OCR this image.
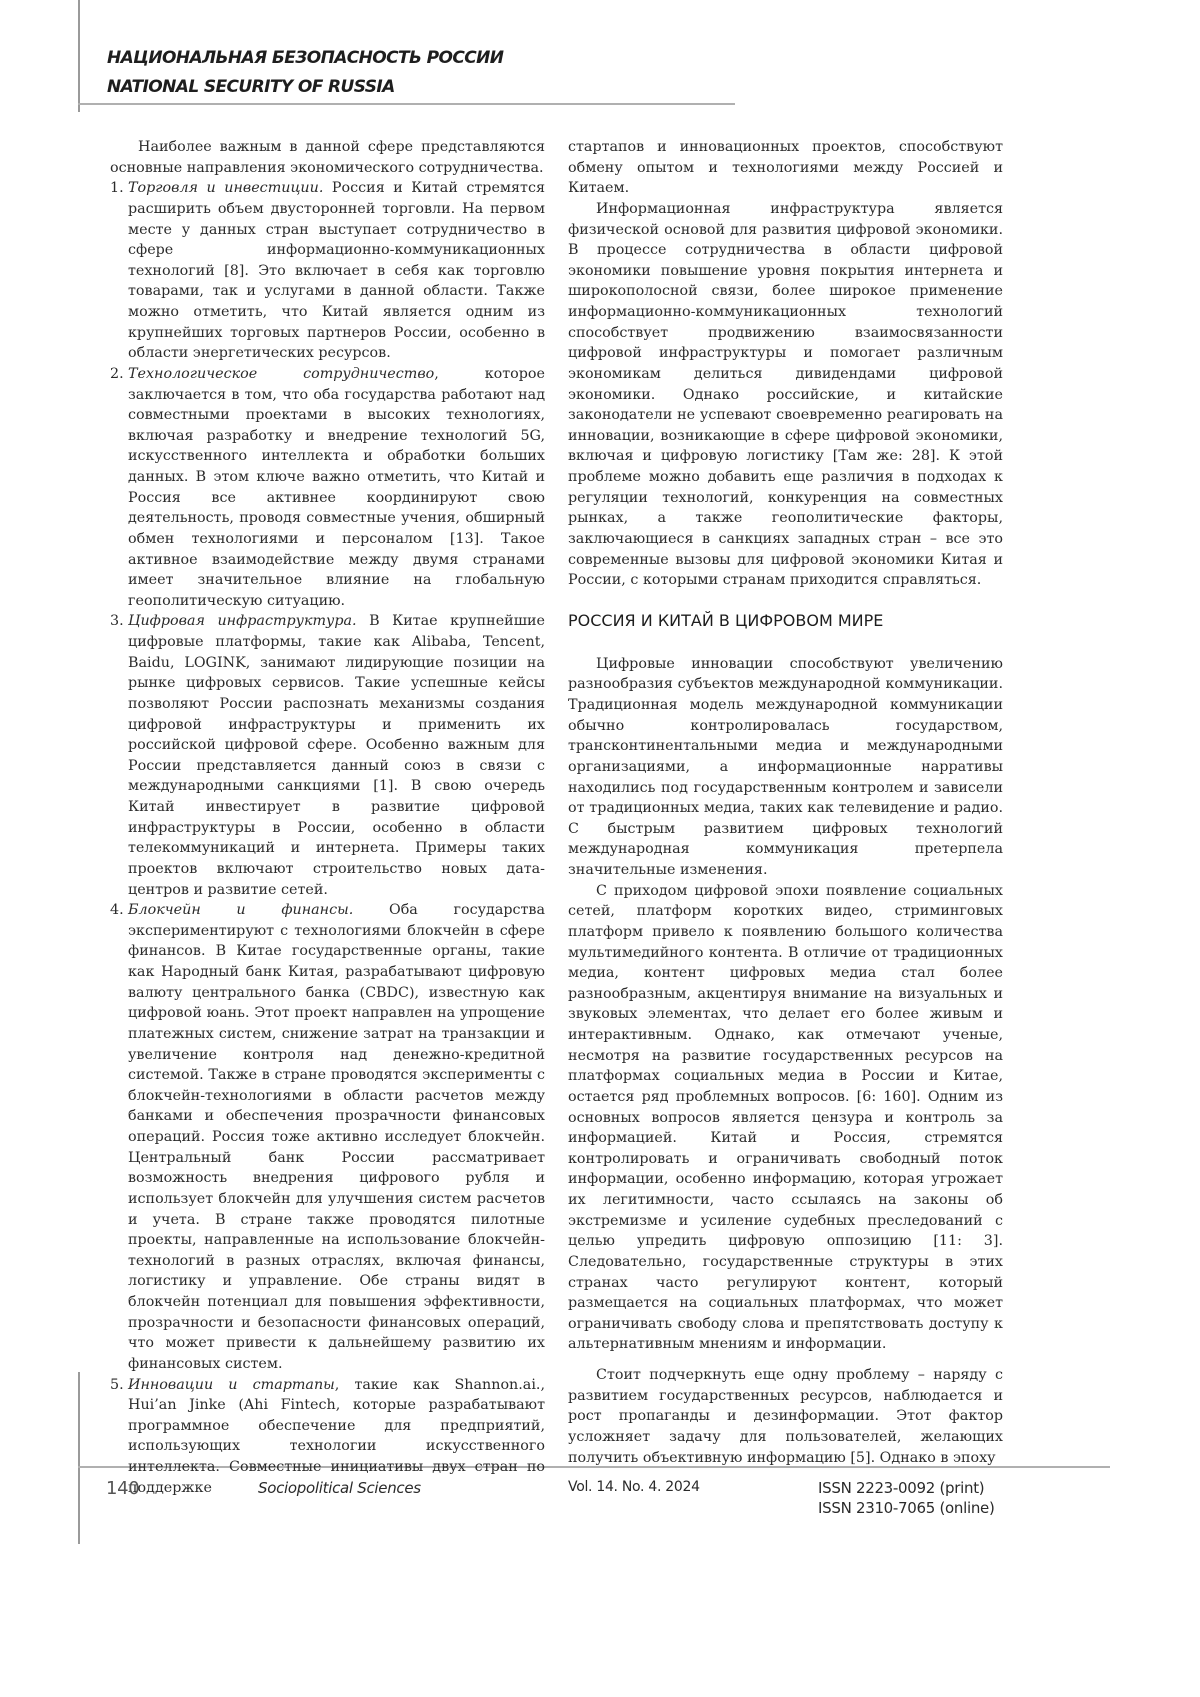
НАЦИОНАЛЬНАЯ БЕЗОПАСНОСТЬ РОССИИ
NATIONAL SECURITY OF RUSSIA

Наиболее важным в данной сфере представляются основные направления экономического сотрудничества.

1. Торговля и инвестиции. Россия и Китай стремятся расширить объем двусторонней торговли. На первом месте у данных стран выступает сотрудничество в сфере информационно-коммуникационных технологий [8]. Это включает в себя как торговлю товарами, так и услугами в данной области. Также можно отметить, что Китай является одним из крупнейших торговых партнеров России, особенно в области энергетических ресурсов.
2. Технологическое сотрудничество, которое заключается в том, что оба государства работают над совместными проектами в высоких технологиях, включая разработку и внедрение технологий 5G, искусственного интеллекта и обработки больших данных. В этом ключе важно отметить, что Китай и Россия все активнее координируют свою деятельность, проводя совместные учения, обширный обмен технологиями и персоналом [13]. Такое активное взаимодействие между двумя странами имеет значительное влияние на глобальную геополитическую ситуацию.
3. Цифровая инфраструктура. В Китае крупнейшие цифровые платформы, такие как Alibaba, Tencent, Baidu, LOGINK, занимают лидирующие позиции на рынке цифровых сервисов. Такие успешные кейсы позволяют России распознать механизмы создания цифровой инфраструктуры и применить их российской цифровой сфере. Особенно важным для России представляется данный союз в связи с международными санкциями [1]. В свою очередь Китай инвестирует в развитие цифровой инфраструктуры в России, особенно в области телекоммуникаций и интернета. Примеры таких проектов включают строительство новых дата-центров и развитие сетей.
4. Блокчейн и финансы. Оба государства экспериментируют с технологиями блокчейн в сфере финансов. В Китае государственные органы, такие как Народный банк Китая, разрабатывают цифровую валюту центрального банка (CBDC), известную как цифровой юань. Этот проект направлен на упрощение платежных систем, снижение затрат на транзакции и увеличение контроля над денежно-кредитной системой. Также в стране проводятся эксперименты с блокчейн-технологиями в области расчетов между банками и обеспечения прозрачности финансовых операций. Россия тоже активно исследует блокчейн. Центральный банк России рассматривает возможность внедрения цифрового рубля и использует блокчейн для улучшения систем расчетов и учета. В стране также проводятся пилотные проекты, направленные на использование блокчейн-технологий в разных отраслях, включая финансы, логистику и управление. Обе страны видят в блокчейн потенциал для повышения эффективности, прозрачности и безопасности финансовых операций, что может привести к дальнейшему развитию их финансовых систем.
5. Инновации и стартапы, такие как Shannon.ai., Hui’an Jinke (Ahi Fintech, которые разрабатывают программное обеспечение для предприятий, использующих технологии искусственного интеллекта. Совместные инициативы двух стран по поддержке

стартапов и инновационных проектов, способствуют обмену опытом и технологиями между Россией и Китаем.

Информационная инфраструктура является физической основой для развития цифровой экономики. В процессе сотрудничества в области цифровой экономики повышение уровня покрытия интернета и широкополосной связи, более широкое применение информационно-коммуникационных технологий способствует продвижению взаимосвязанности цифровой инфраструктуры и помогает различным экономикам делиться дивидендами цифровой экономики. Однако российские, и китайские законодатели не успевают своевременно реагировать на инновации, возникающие в сфере цифровой экономики, включая и цифровую логистику [Там же: 28]. К этой проблеме можно добавить еще различия в подходах к регуляции технологий, конкуренция на совместных рынках, а также геополитические факторы, заключающиеся в санкциях западных стран – все это современные вызовы для цифровой экономики Китая и России, с которыми странам приходится справляться.

РОССИЯ И КИТАЙ В ЦИФРОВОМ МИРЕ

Цифровые инновации способствуют увеличению разнообразия субъектов международной коммуникации. Традиционная модель международной коммуникации обычно контролировалась государством, трансконтинентальными медиа и международными организациями, а информационные нарративы находились под государственным контролем и зависели от традиционных медиа, таких как телевидение и радио. С быстрым развитием цифровых технологий международная коммуникация претерпела значительные изменения.

С приходом цифровой эпохи появление социальных сетей, платформ коротких видео, стриминговых платформ привело к появлению большого количества мультимедийного контента. В отличие от традиционных медиа, контент цифровых медиа стал более разнообразным, акцентируя внимание на визуальных и звуковых элементах, что делает его более живым и интерактивным. Однако, как отмечают ученые, несмотря на развитие государственных ресурсов на платформах социальных медиа в России и Китае, остается ряд проблемных вопросов. [6: 160]. Одним из основных вопросов является цензура и контроль за информацией. Китай и Россия, стремятся контролировать и ограничивать свободный поток информации, особенно информацию, которая угрожает их легитимности, часто ссылаясь на законы об экстремизме и усиление судебных преследований с целью упредить цифровую оппозицию [11: 3]. Следовательно, государственные структуры в этих странах часто регулируют контент, который размещается на социальных платформах, что может ограничивать свободу слова и препятствовать доступу к альтернативным мнениям и информации.

Стоит подчеркнуть еще одну проблему – наряду с развитием государственных ресурсов, наблюдается и рост пропаганды и дезинформации. Этот фактор усложняет задачу для пользователей, желающих получить объективную информацию [5]. Однако в эпоху

140	Sociopolitical Sciences	Vol. 14. No. 4. 2024	ISSN 2223-0092 (print)
ISSN 2310-7065 (online)
